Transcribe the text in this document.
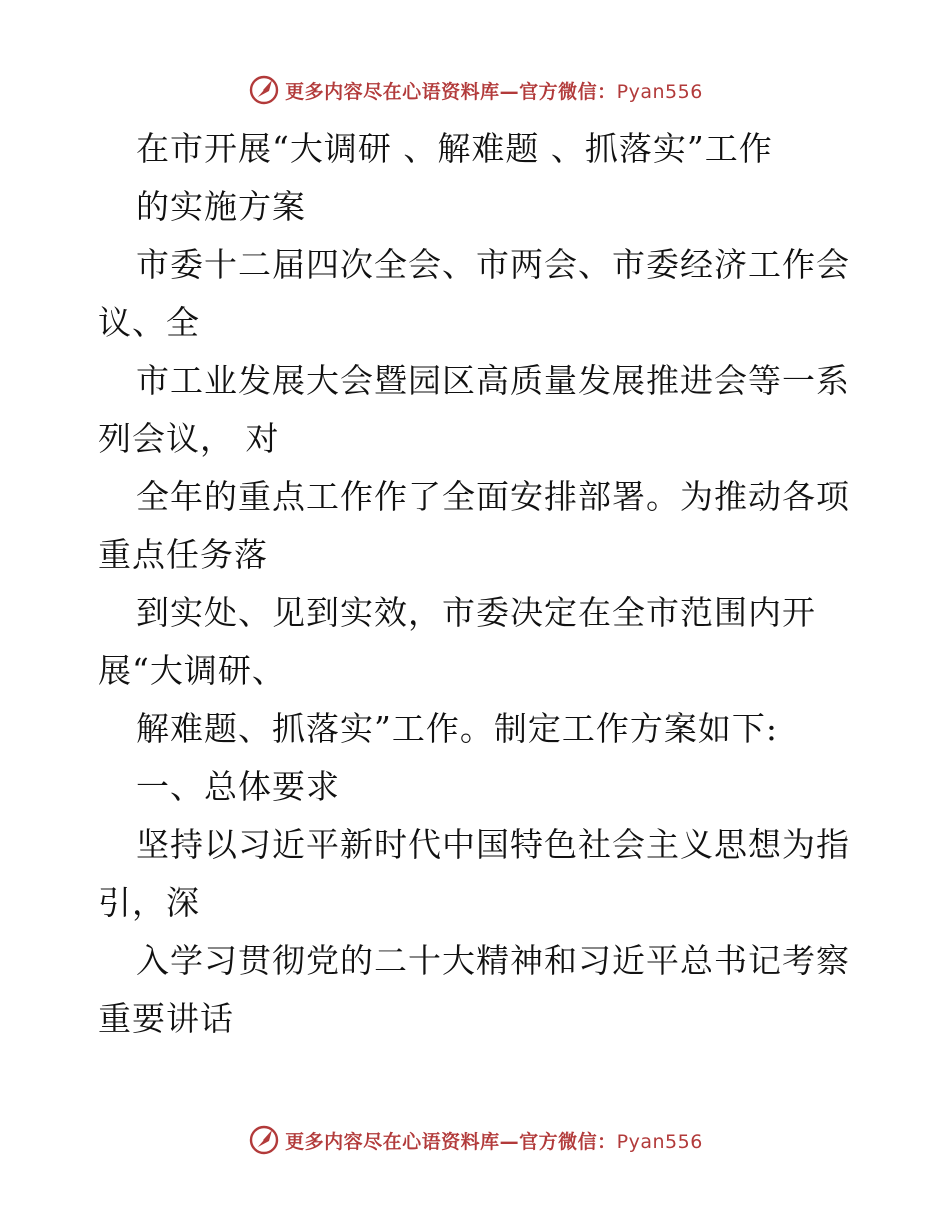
更多内容尽在心语资料库—官方微信：Pyan556
在市开展“大调研 、解难题 、抓落实”工作
的实施方案
市委十二届四次全会、市两会、市委经济工作会
议、全
市工业发展大会暨园区高质量发展推进会等一系
列会议， 对
全年的重点工作作了全面安排部署。为推动各项
重点任务落
到实处、见到实效，市委决定在全市范围内开
展“大调研、
解难题、抓落实”工作。制定工作方案如下:
一、总体要求
坚持以习近平新时代中国特色社会主义思想为指
引，深
入学习贯彻党的二十大精神和习近平总书记考察
重要讲话
更多内容尽在心语资料库—官方微信：Pyan556
